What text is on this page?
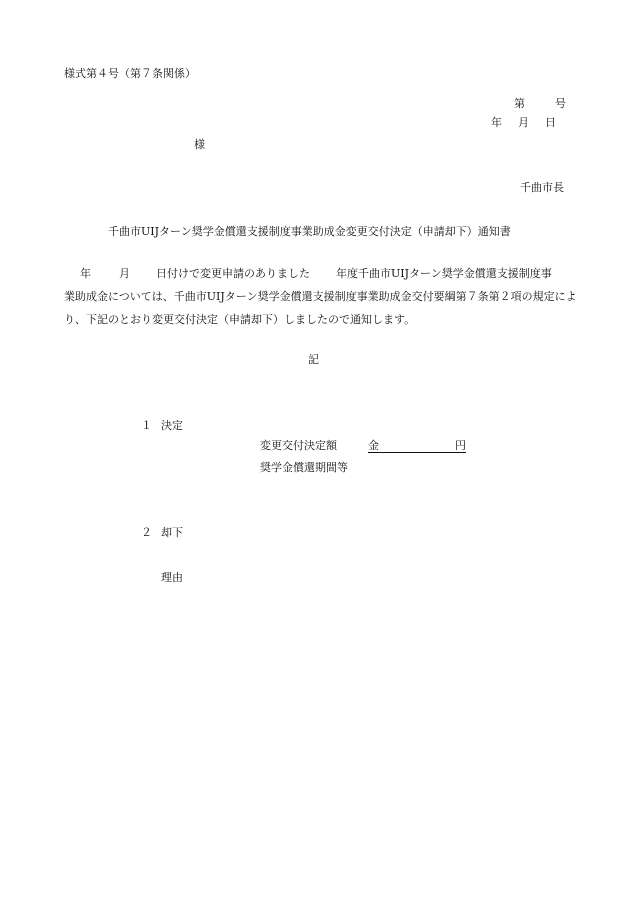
様式第４号（第７条関係）
第	号
年 月 日
様
千曲市長
千曲市UIJターン奨学金償還支援制度事業助成金変更交付決定（申請却下）通知書
年	月 日付けで変更申請のありました 年度千曲市UIJターン奨学金償還支援制度事
業助成金については、千曲市UIJターン奨学金償還支援制度事業助成金交付要綱第７条第２項の規定によ
り、下記のとおり変更交付決定（申請却下）しましたので通知します。
記
１ 決定
変更交付決定額	金	円
奨学金償還期間等
２ 却下
理由
